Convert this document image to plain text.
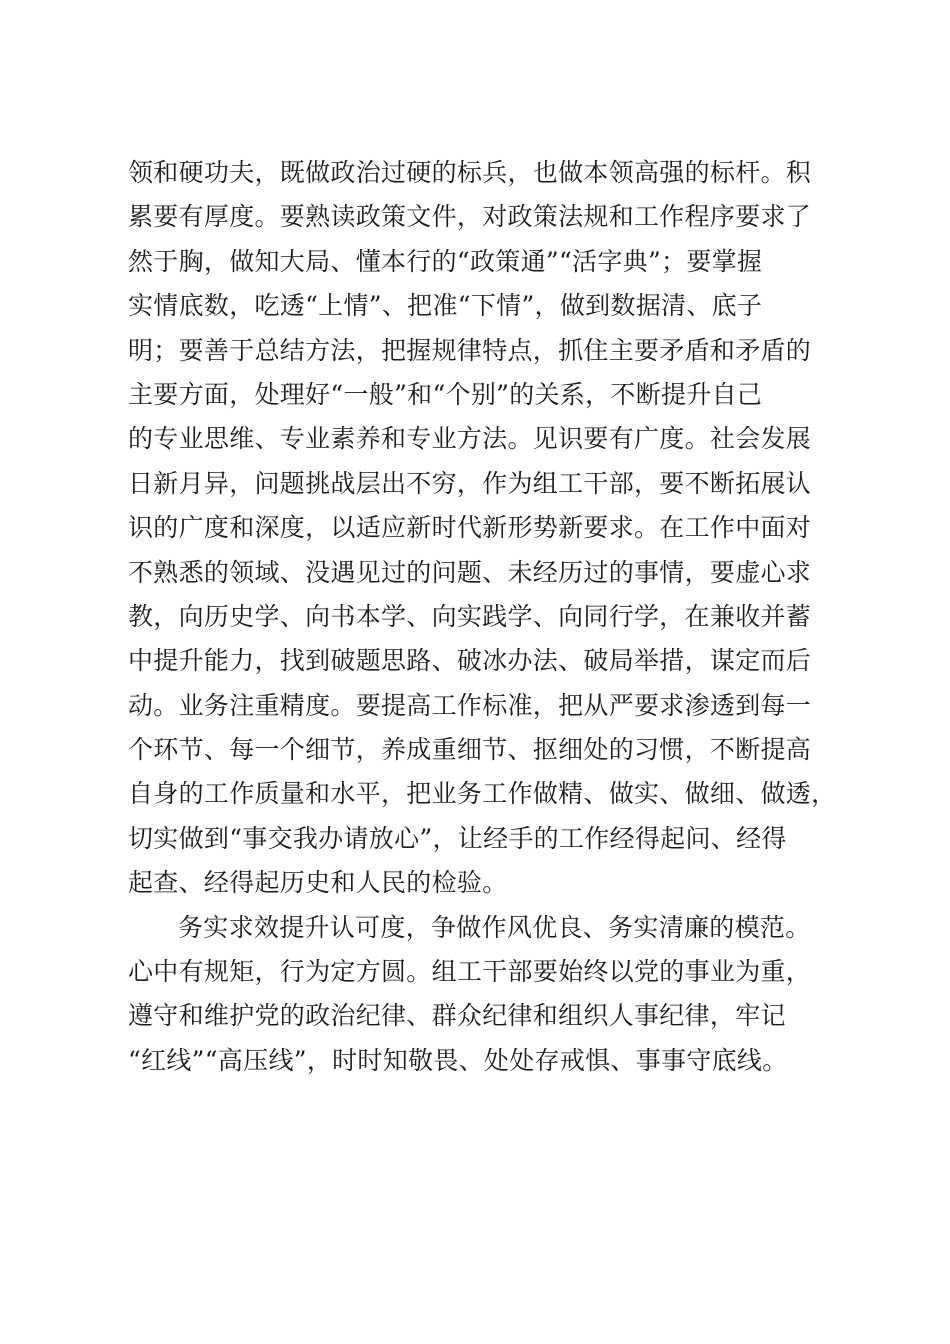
领和硬功夫，既做政治过硬的标兵，也做本领高强的标杆。积
累要有厚度。要熟读政策文件，对政策法规和工作程序要求了
然于胸，做知大局、懂本行的“政策通”“活字典”；要掌握
实情底数，吃透“上情”、把准“下情”，做到数据清、底子
明；要善于总结方法，把握规律特点，抓住主要矛盾和矛盾的
主要方面，处理好“一般”和“个别”的关系，不断提升自己
的专业思维、专业素养和专业方法。见识要有广度。社会发展
日新月异，问题挑战层出不穷，作为组工干部，要不断拓展认
识的广度和深度，以适应新时代新形势新要求。在工作中面对
不熟悉的领域、没遇见过的问题、未经历过的事情，要虚心求
教，向历史学、向书本学、向实践学、向同行学，在兼收并蓄
中提升能力，找到破题思路、破冰办法、破局举措，谋定而后
动。业务注重精度。要提高工作标准，把从严要求渗透到每一
个环节、每一个细节，养成重细节、抠细处的习惯，不断提高
自身的工作质量和水平，把业务工作做精、做实、做细、做透，
切实做到“事交我办请放心”，让经手的工作经得起问、经得
起查、经得起历史和人民的检验。
务实求效提升认可度，争做作风优良、务实清廉的模范。
心中有规矩，行为定方圆。组工干部要始终以党的事业为重，
遵守和维护党的政治纪律、群众纪律和组织人事纪律，牢记
“红线”“高压线”，时时知敬畏、处处存戒惧、事事守底线。
